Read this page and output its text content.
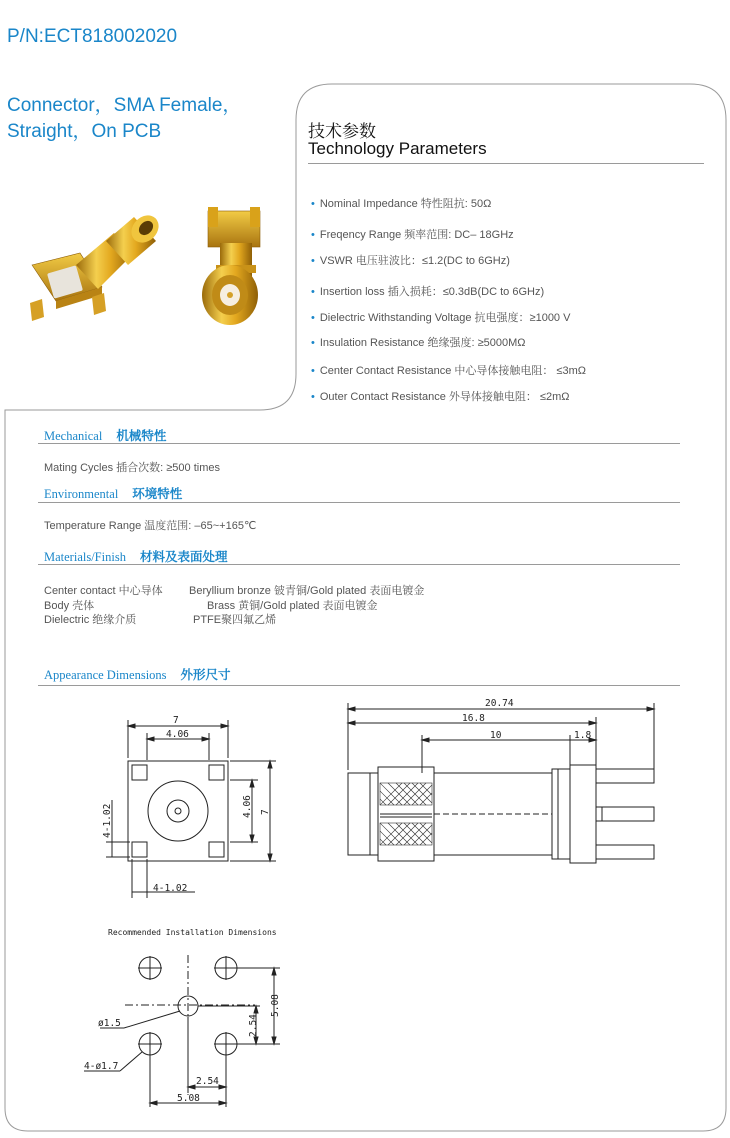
P/N:ECT818002020
Connector，SMA Female，
Straight，On PCB	技术参数
Technology Parameters
• Nominal Impedance 特性阻抗: 50Ω
• Freqency Range 频率范围: DC– 18GHz
• VSWR 电压驻波比：≤1.2(DC to 6GHz)
• Insertion loss 插入损耗：≤0.3dB(DC to 6GHz)
• Dielectric Withstanding Voltage 抗电强度：≥1000 V
• Insulation Resistance 绝缘强度: ≥5000MΩ
• Center Contact Resistance 中心导体接触电阻： ≤3mΩ
• Outer Contact Resistance 外导体接触电阻： ≤2mΩ
Mechanical 机械特性
Mating Cycles 插合次数: ≥500 times
Environmental 环境特性
Temperature Range 温度范围: –65~+165℃
Materials/Finish 材料及表面处理
Center contact 中心导体 Beryllium bronze 铍青铜/Gold plated 表面电镀金
Body 壳体	Brass 黄铜/Gold plated 表面电镀金
Dielectric 绝缘介质	PTFE聚四氟乙烯
Appearance Dimensions 外形尺寸
7
4.06
4.06 7
4-1.02
4-1.02
20.74
16.8
10	1.8
Recommended Installation Dimensions
5.08
2.54
ø1.5
4-ø1.7
2.54
5.08
